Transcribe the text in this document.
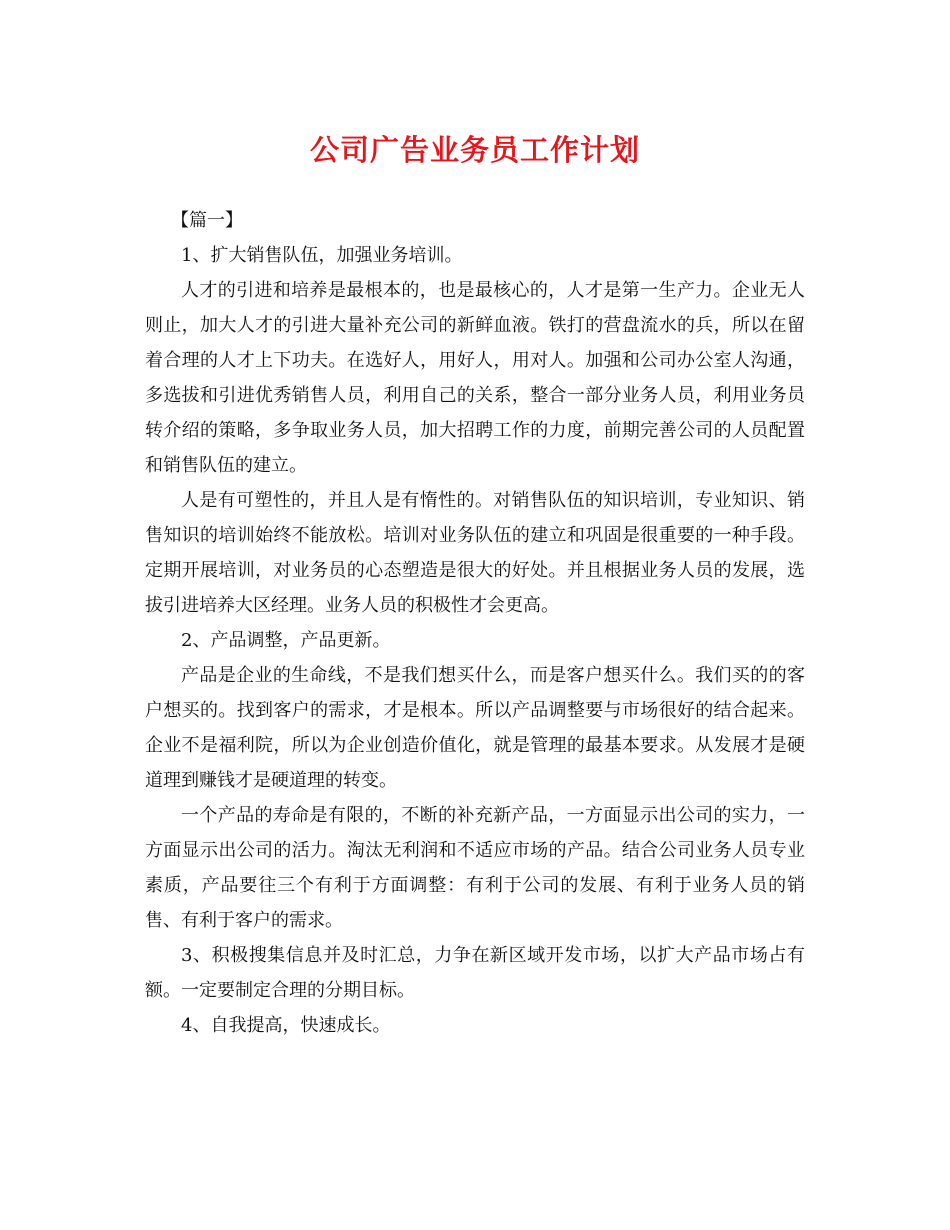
公司广告业务员工作计划

【篇一】

1、扩大销售队伍，加强业务培训。

人才的引进和培养是最根本的，也是最核心的，人才是第一生产力。企业无人则止，加大人才的引进大量补充公司的新鲜血液。铁打的营盘流水的兵，所以在留着合理的人才上下功夫。在选好人，用好人，用对人。加强和公司办公室人沟通，多选拔和引进优秀销售人员，利用自己的关系，整合一部分业务人员，利用业务员转介绍的策略，多争取业务人员，加大招聘工作的力度，前期完善公司的人员配置和销售队伍的建立。

人是有可塑性的，并且人是有惰性的。对销售队伍的知识培训，专业知识、销售知识的培训始终不能放松。培训对业务队伍的建立和巩固是很重要的一种手段。定期开展培训，对业务员的心态塑造是很大的好处。并且根据业务人员的发展，选拔引进培养大区经理。业务人员的积极性才会更高。

2、产品调整，产品更新。

产品是企业的生命线，不是我们想买什么，而是客户想买什么。我们买的的客户想买的。找到客户的需求，才是根本。所以产品调整要与市场很好的结合起来。企业不是福利院，所以为企业创造价值化，就是管理的最基本要求。从发展才是硬道理到赚钱才是硬道理的转变。

一个产品的寿命是有限的，不断的补充新产品，一方面显示出公司的实力，一方面显示出公司的活力。淘汰无利润和不适应市场的产品。结合公司业务人员专业素质，产品要往三个有利于方面调整：有利于公司的发展、有利于业务人员的销售、有利于客户的需求。

3、积极搜集信息并及时汇总，力争在新区域开发市场，以扩大产品市场占有额。一定要制定合理的分期目标。

4、自我提高，快速成长。
